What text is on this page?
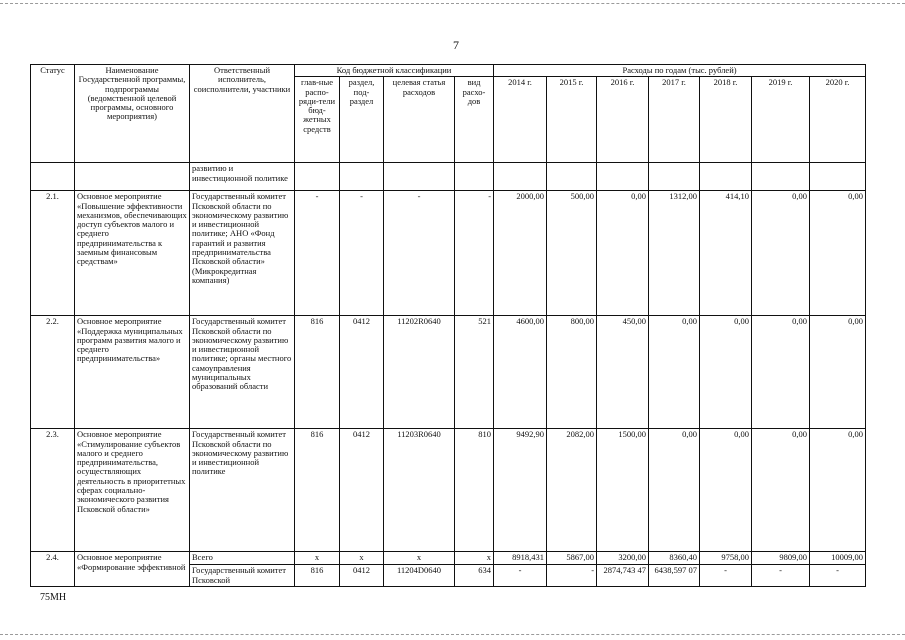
7
Статус	Наименование Государственной программы, подпрограммы (ведомственной целевой программы, основного мероприятия)	Ответственный исполнитель, соисполнители, участники	Код бюджетной классификации				Расходы по годам (тыс. рублей)						
			глав-ные распо-ряди-тели бюд-жетных средств	раздел, под-раздел	целевая статья расходов	вид расхо-дов	2014 г.	2015 г.	2016 г.	2017 г.	2018 г.	2019 г.	2020 г.
		развитию и инвестиционной политике											
2.1.	Основное мероприятие «Повышение эффективности механизмов, обеспечивающих доступ субъектов малого и среднего предпринимательства к заемным финансовым средствам»	Государственный комитет Псковской области по экономическому развитию и инвестиционной политике; АНО «Фонд гарантий и развития предпринимательства Псковской области» (Микрокредитная компания)	-	-	-	-	2000,00	500,00	0,00	1312,00	414,10	0,00	0,00
2.2.	Основное мероприятие «Поддержка муниципальных программ развития малого и среднего предпринимательства»	Государственный комитет Псковской области по экономическому развитию и инвестиционной политике; органы местного самоуправления муниципальных образований области	816	0412	11202R0640	521	4600,00	800,00	450,00	0,00	0,00	0,00	0,00
2.3.	Основное мероприятие «Стимулирование субъектов малого и среднего предпринимательства, осуществляющих деятельность в приоритетных сферах социально-экономического развития Псковской области»	Государственный комитет Псковской области по экономическому развитию и инвестиционной политике	816	0412	11203R0640	810	9492,90	2082,00	1500,00	0,00	0,00	0,00	0,00
2.4.	Основное мероприятие «Формирование эффективной	Всего	x	x	x	x	8918,431	5867,00	3200,00	8360,40	9758,00	9809,00	10009,00
		Государственный комитет Псковской	816	0412	11204D0640	634	-	-	2874,743 47	6438,597 07	-	-	-
75МН
